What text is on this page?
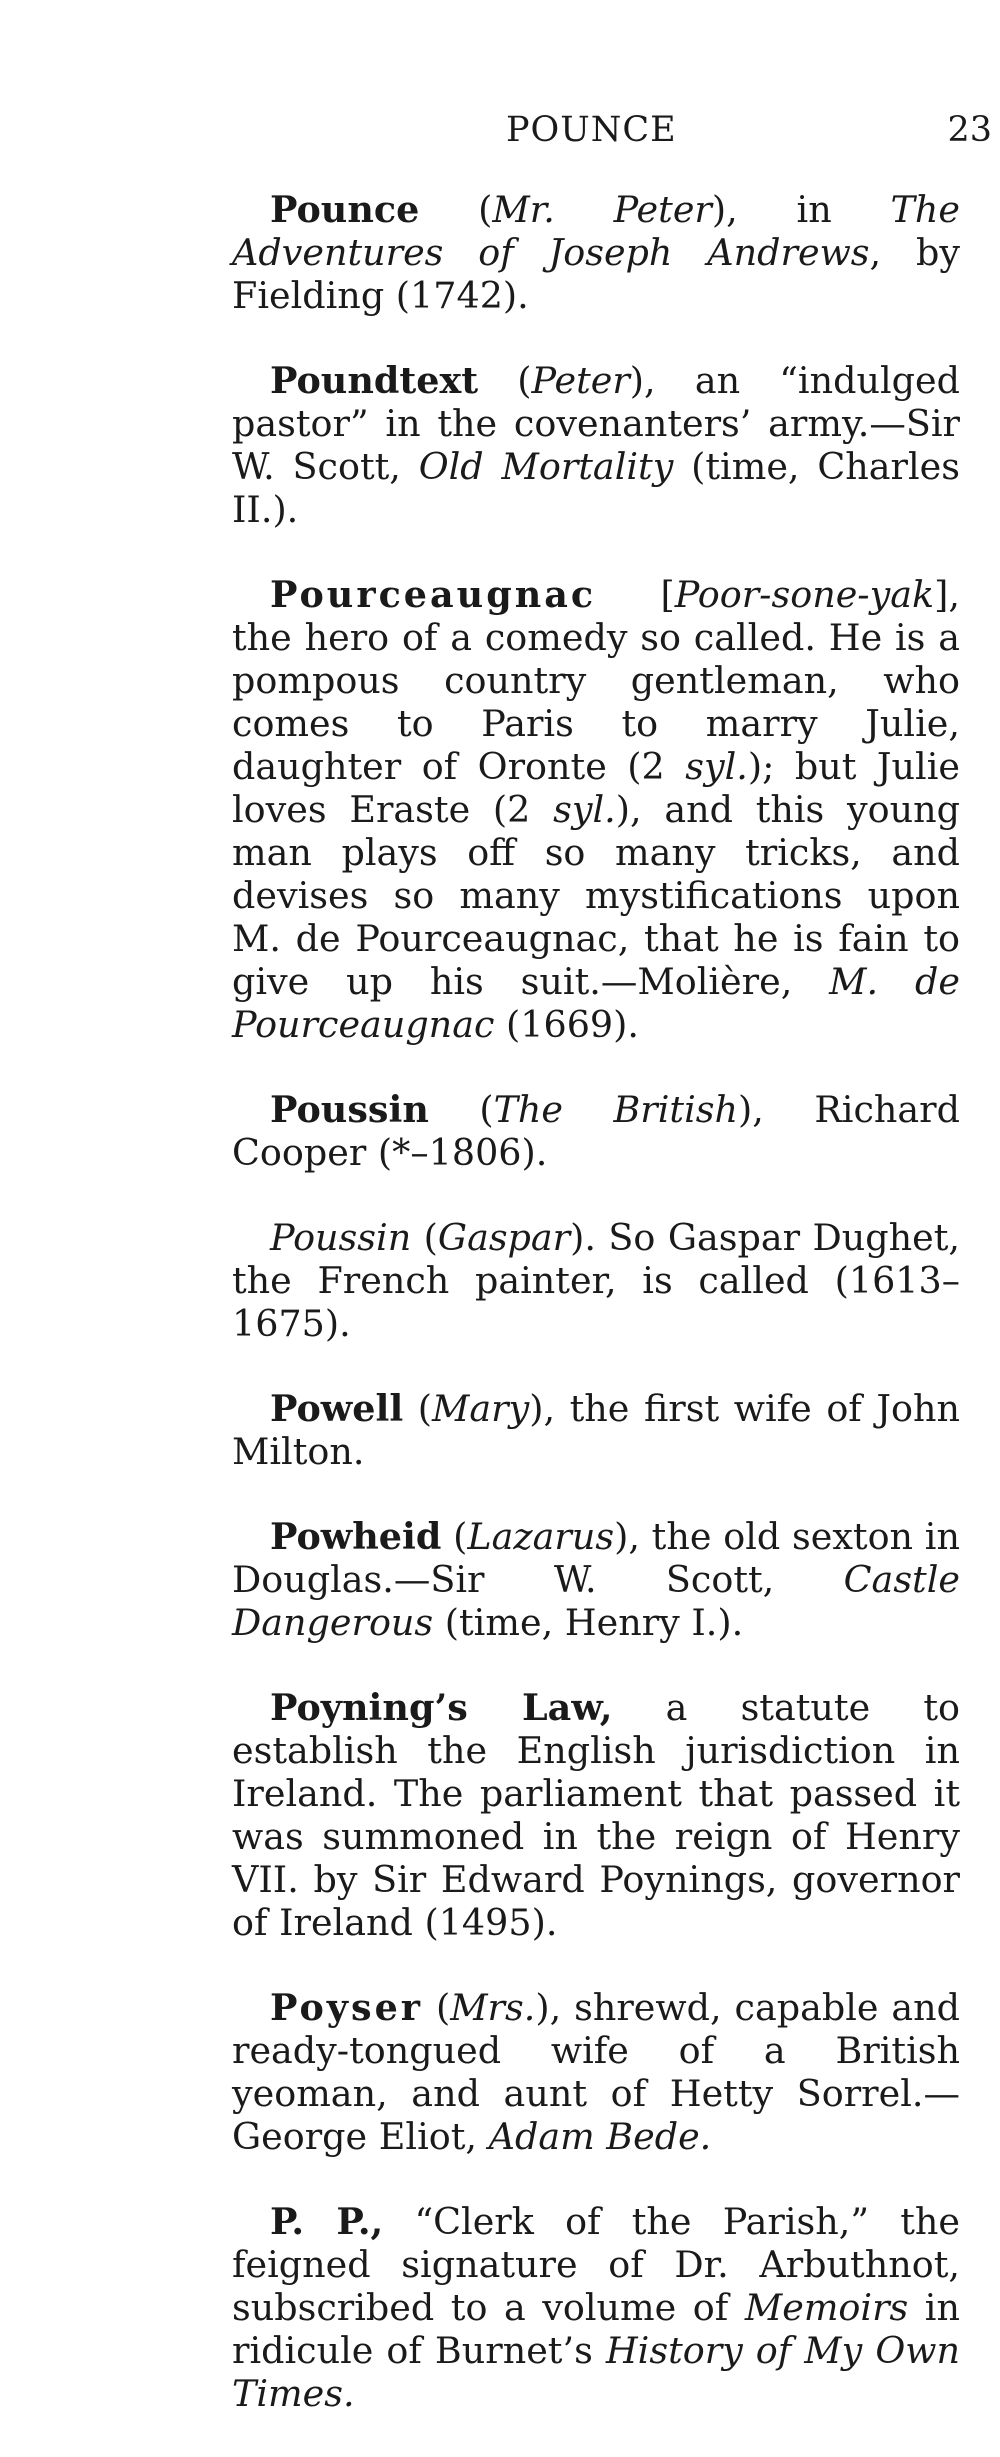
POUNCE	23

Pounce (Mr. Peter), in The Adventures of Joseph Andrews, by Fielding (1742).

Poundtext (Peter), an “indulged pastor” in the covenanters’ army.—Sir W. Scott, Old Mortality (time, Charles II.).

Pourceaugnac [Poor-sone-yak], the hero of a comedy so called. He is a pompous country gentleman, who comes to Paris to marry Julie, daughter of Oronte (2 syl.); but Julie loves Eraste (2 syl.), and this young man plays off so many tricks, and devises so many mystifications upon M. de Pourceaugnac, that he is fain to give up his suit.—Molière, M. de Pourceaugnac (1669).

Poussin (The British), Richard Cooper (*–1806).

Poussin (Gaspar). So Gaspar Dughet, the French painter, is called (1613–1675).

Powell (Mary), the first wife of John Milton.

Powheid (Lazarus), the old sexton in Douglas.—Sir W. Scott, Castle Dangerous (time, Henry I.).

Poyning’s Law, a statute to establish the English jurisdiction in Ireland. The parliament that passed it was summoned in the reign of Henry VII. by Sir Edward Poynings, governor of Ireland (1495).

Poyser (Mrs.), shrewd, capable and ready-tongued wife of a British yeoman, and aunt of Hetty Sorrel.—George Eliot, Adam Bede.

P. P., “Clerk of the Parish,” the feigned signature of Dr. Arbuthnot, subscribed to a volume of Memoirs in ridicule of Burnet’s History of My Own Times.
